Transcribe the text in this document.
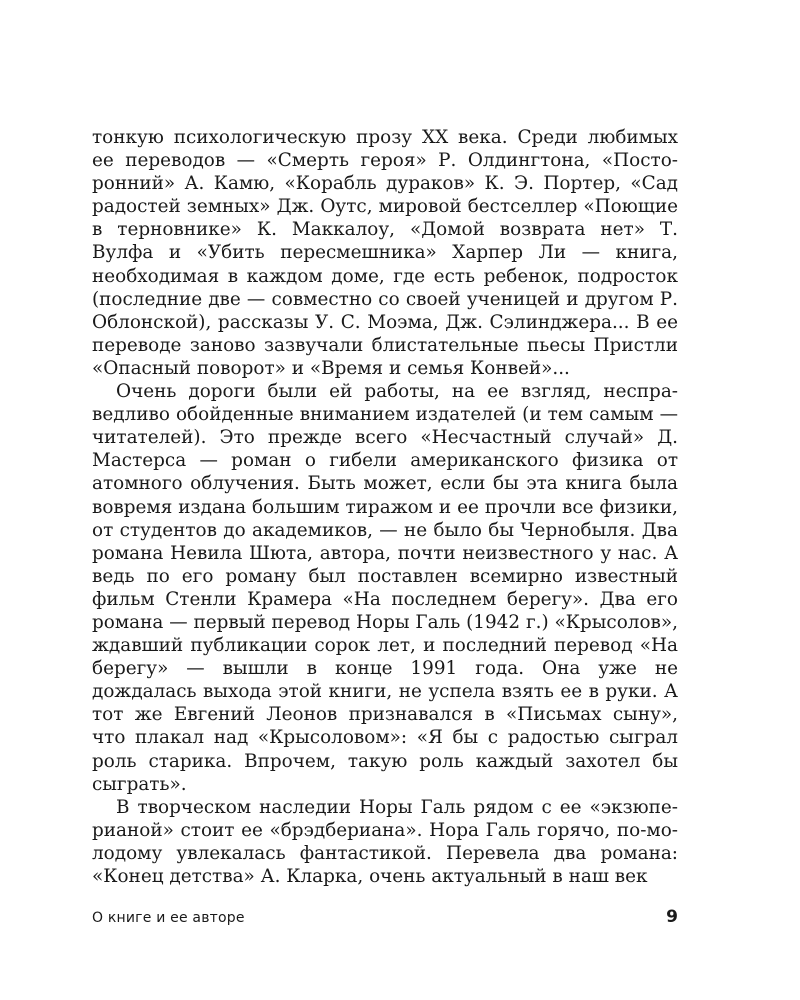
тонкую психологическую прозу XX века. Среди любимых ее переводов — «Смерть героя» Р. Олдингтона, «Посторонний» А. Камю, «Корабль дураков» К. Э. Портер, «Сад радостей земных» Дж. Оутс, мировой бестселлер «Поющие в терновнике» К. Маккалоу, «Домой возврата нет» Т. Вулфа и «Убить пересмешника» Харпер Ли — книга, необходимая в каждом доме, где есть ребенок, подросток (последние две — совместно со своей ученицей и другом Р. Облонской), рассказы У. С. Моэма, Дж. Сэлинджера... В ее переводе заново зазвучали блистательные пьесы Пристли «Опасный поворот» и «Время и семья Конвей»...

Очень дороги были ей работы, на ее взгляд, несправедливо обойденные вниманием издателей (и тем самым — читателей). Это прежде всего «Несчастный случай» Д. Мастерса — роман о гибели американского физика от атомного облучения. Быть может, если бы эта книга была вовремя издана большим тиражом и ее прочли все физики, от студентов до академиков, — не было бы Чернобыля. Два романа Невила Шюта, автора, почти неизвестного у нас. А ведь по его роману был поставлен всемирно известный фильм Стенли Крамера «На последнем берегу». Два его романа — первый перевод Норы Галь (1942 г.) «Крысолов», ждавший публикации сорок лет, и последний перевод «На берегу» — вышли в конце 1991 года. Она уже не дождалась выхода этой книги, не успела взять ее в руки. А тот же Евгений Леонов признавался в «Письмах сыну», что плакал над «Крысоловом»: «Я бы с радостью сыграл роль старика. Впрочем, такую роль каждый захотел бы сыграть».

В творческом наследии Норы Галь рядом с ее «экзюпериaной» стоит ее «брэдбериана». Нора Галь горячо, по-молодому увлекалась фантастикой. Перевела два романа: «Конец детства» А. Кларка, очень актуальный в наш век

О книге и ее авторе	9
